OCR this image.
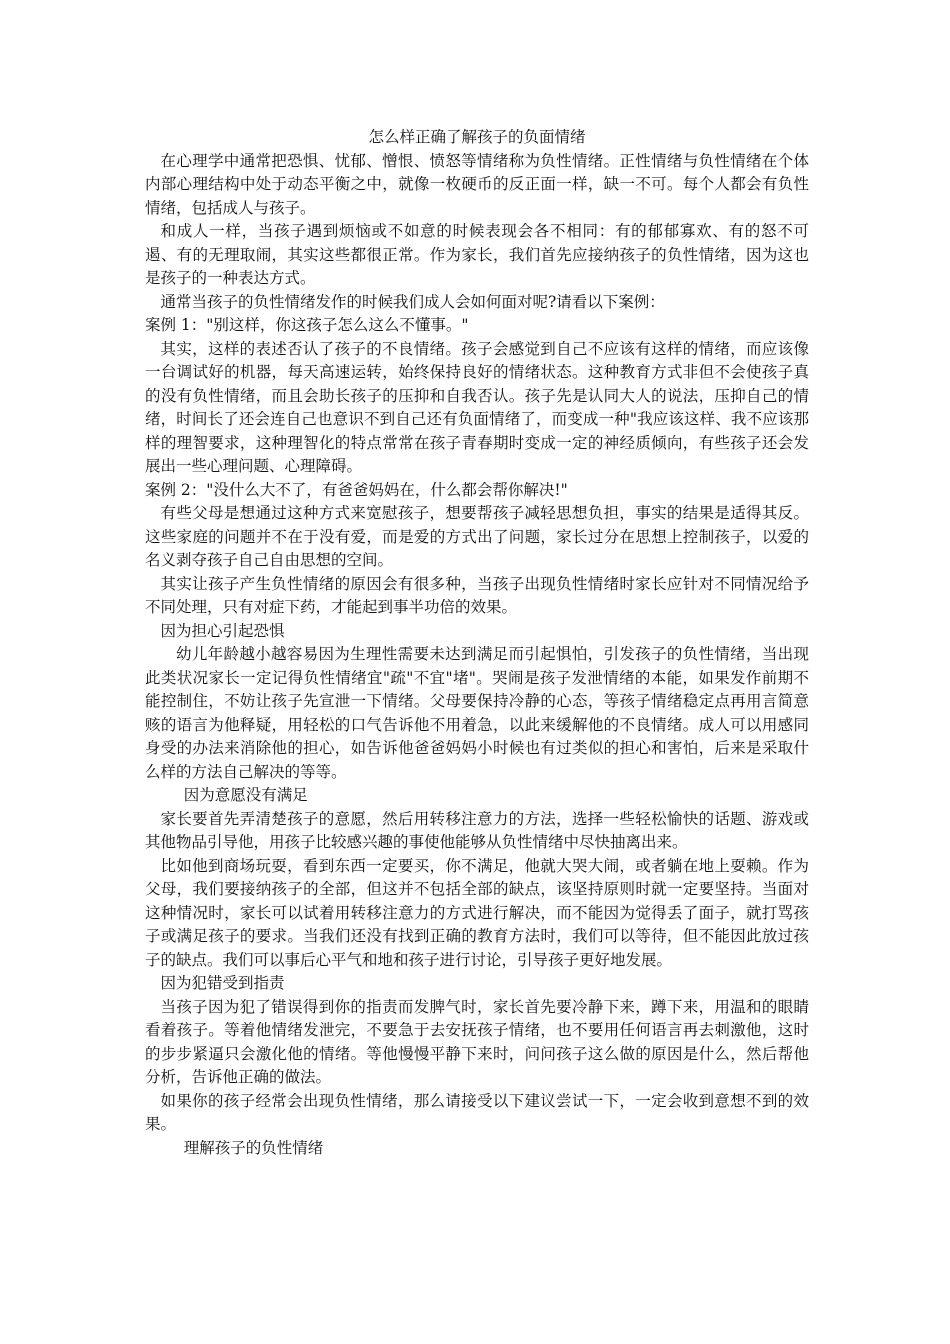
怎么样正确了解孩子的负面情绪

在心理学中通常把恐惧、忧郁、憎恨、愤怒等情绪称为负性情绪。正性情绪与负性情绪在个体内部心理结构中处于动态平衡之中，就像一枚硬币的反正面一样，缺一不可。每个人都会有负性情绪，包括成人与孩子。

和成人一样，当孩子遇到烦恼或不如意的时候表现会各不相同：有的郁郁寡欢、有的怒不可遏、有的无理取闹，其实这些都很正常。作为家长，我们首先应接纳孩子的负性情绪，因为这也是孩子的一种表达方式。

通常当孩子的负性情绪发作的时候我们成人会如何面对呢?请看以下案例：

案例 1："别这样，你这孩子怎么这么不懂事。"

其实，这样的表述否认了孩子的不良情绪。孩子会感觉到自己不应该有这样的情绪，而应该像一台调试好的机器，每天高速运转，始终保持良好的情绪状态。这种教育方式非但不会使孩子真的没有负性情绪，而且会助长孩子的压抑和自我否认。孩子先是认同大人的说法，压抑自己的情绪，时间长了还会连自己也意识不到自己还有负面情绪了，而变成一种"我应该这样、我不应该那样的理智要求，这种理智化的特点常常在孩子青春期时变成一定的神经质倾向，有些孩子还会发展出一些心理问题、心理障碍。

案例 2："没什么大不了，有爸爸妈妈在，什么都会帮你解决!"

有些父母是想通过这种方式来宽慰孩子，想要帮孩子减轻思想负担，事实的结果是适得其反。这些家庭的问题并不在于没有爱，而是爱的方式出了问题，家长过分在思想上控制孩子，以爱的名义剥夺孩子自己自由思想的空间。

其实让孩子产生负性情绪的原因会有很多种，当孩子出现负性情绪时家长应针对不同情况给予不同处理，只有对症下药，才能起到事半功倍的效果。

因为担心引起恐惧

幼儿年龄越小越容易因为生理性需要未达到满足而引起惧怕，引发孩子的负性情绪，当出现此类状况家长一定记得负性情绪宜"疏"不宜"堵"。哭闹是孩子发泄情绪的本能，如果发作前期不能控制住，不妨让孩子先宣泄一下情绪。父母要保持冷静的心态，等孩子情绪稳定点再用言简意赅的语言为他释疑，用轻松的口气告诉他不用着急，以此来缓解他的不良情绪。成人可以用感同身受的办法来消除他的担心，如告诉他爸爸妈妈小时候也有过类似的担心和害怕，后来是采取什么样的方法自己解决的等等。

因为意愿没有满足

家长要首先弄清楚孩子的意愿，然后用转移注意力的方法，选择一些轻松愉快的话题、游戏或其他物品引导他，用孩子比较感兴趣的事使他能够从负性情绪中尽快抽离出来。

比如他到商场玩耍，看到东西一定要买，你不满足，他就大哭大闹，或者躺在地上耍赖。作为父母，我们要接纳孩子的全部，但这并不包括全部的缺点，该坚持原则时就一定要坚持。当面对这种情况时，家长可以试着用转移注意力的方式进行解决，而不能因为觉得丢了面子，就打骂孩子或满足孩子的要求。当我们还没有找到正确的教育方法时，我们可以等待，但不能因此放过孩子的缺点。我们可以事后心平气和地和孩子进行讨论，引导孩子更好地发展。

因为犯错受到指责

当孩子因为犯了错误得到你的指责而发脾气时，家长首先要冷静下来，蹲下来，用温和的眼睛看着孩子。等着他情绪发泄完，不要急于去安抚孩子情绪，也不要用任何语言再去刺激他，这时的步步紧逼只会激化他的情绪。等他慢慢平静下来时，问问孩子这么做的原因是什么，然后帮他分析，告诉他正确的做法。

如果你的孩子经常会出现负性情绪，那么请接受以下建议尝试一下，一定会收到意想不到的效果。

理解孩子的负性情绪
